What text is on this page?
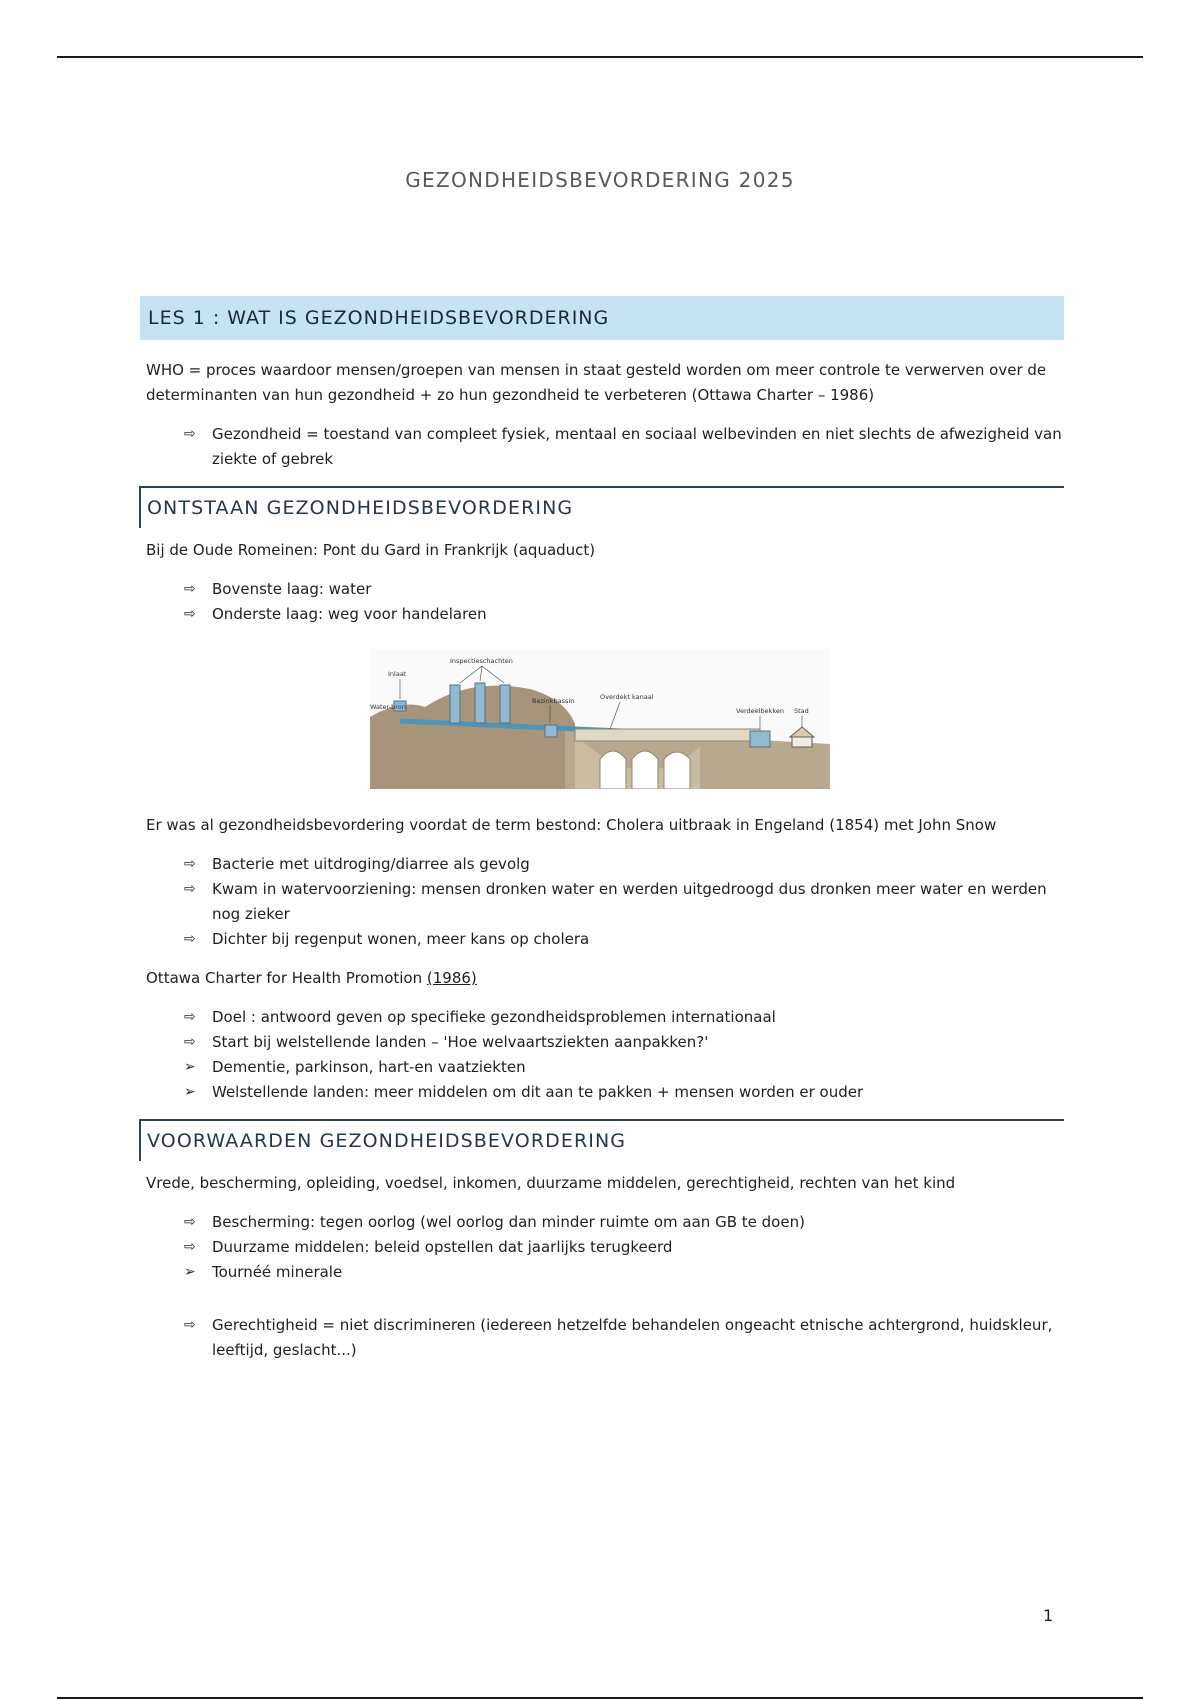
GEZONDHEIDSBEVORDERING 2025
LES 1 : WAT IS GEZONDHEIDSBEVORDERING

WHO = proces waardoor mensen/groepen van mensen in staat gesteld worden om meer controle te verwerven over de determinanten van hun gezondheid + zo hun gezondheid te verbeteren (Ottawa Charter – 1986)

⇨ Gezondheid = toestand van compleet fysiek, mentaal en sociaal welbevinden en niet slechts de afwezigheid van ziekte of gebrek
ONTSTAAN GEZONDHEIDSBEVORDERING

Bij de Oude Romeinen: Pont du Gard in Frankrijk (aquaduct)

⇨ Bovenste laag: water
⇨ Onderste laag: weg voor handelaren
Inlaat
Inspectieschachten
Water-bron
Bezinkbassin	Overdekt kanaal
Verdeelbekken Stad

Er was al gezondheidsbevordering voordat de term bestond: Cholera uitbraak in Engeland (1854) met John Snow

⇨ Bacterie met uitdroging/diarree als gevolg
⇨ Kwam in watervoorziening: mensen dronken water en werden uitgedroogd dus dronken meer water en werden nog zieker
⇨ Dichter bij regenput wonen, meer kans op cholera

Ottawa Charter for Health Promotion (1986)

⇨ Doel : antwoord geven op specifieke gezondheidsproblemen internationaal
⇨ Start bij welstellende landen – 'Hoe welvaartsziekten aanpakken?'
➢ Dementie, parkinson, hart-en vaatziekten
➢ Welstellende landen: meer middelen om dit aan te pakken + mensen worden er ouder
VOORWAARDEN GEZONDHEIDSBEVORDERING

Vrede, bescherming, opleiding, voedsel, inkomen, duurzame middelen, gerechtigheid, rechten van het kind

⇨ Bescherming: tegen oorlog (wel oorlog dan minder ruimte om aan GB te doen)
⇨ Duurzame middelen: beleid opstellen dat jaarlijks terugkeerd
➢ Tournéé minerale
⇨ Gerechtigheid = niet discrimineren (iedereen hetzelfde behandelen ongeacht etnische achtergrond, huidskleur, leeftijd, geslacht...)
1
